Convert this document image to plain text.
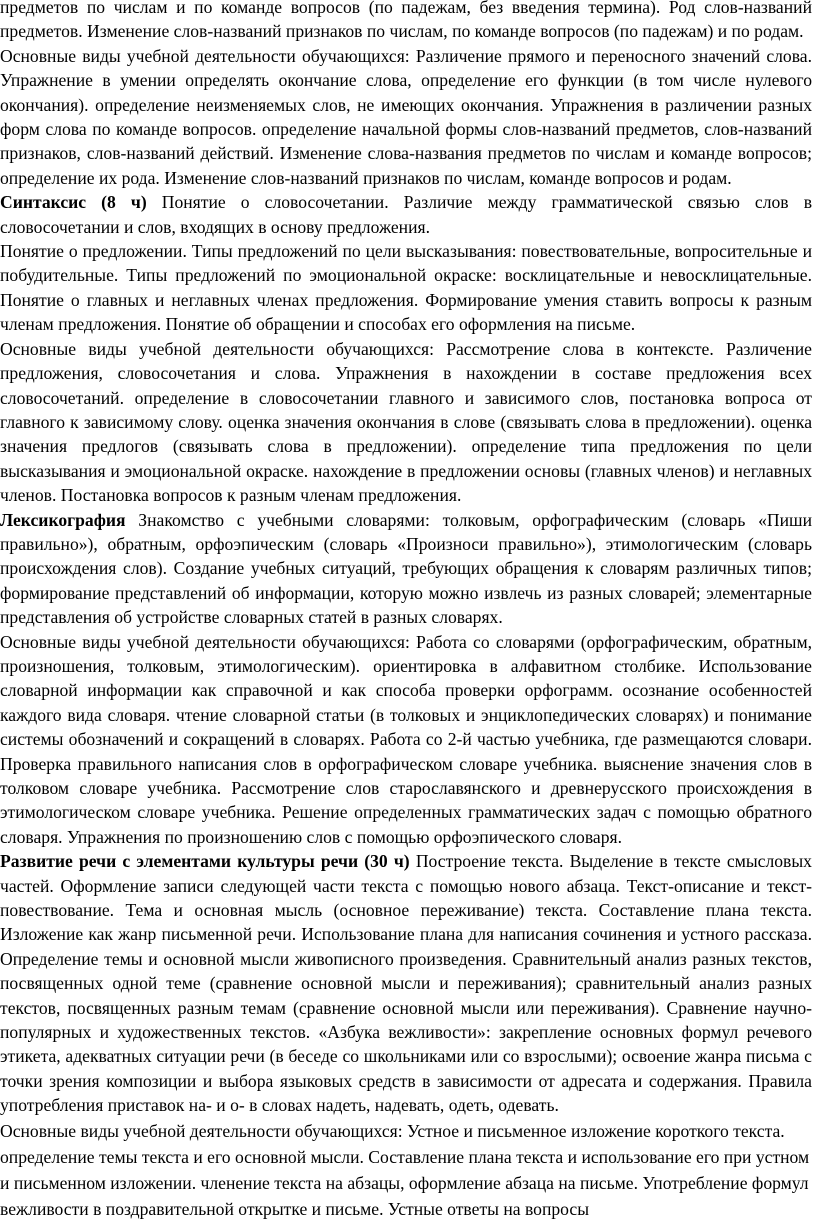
предметов по числам и по команде вопросов (по падежам, без введения термина). Род слов-названий предметов. Изменение слов-названий признаков по числам, по команде вопросов (по падежам) и по родам.

Основные виды учебной деятельности обучающихся: Различение прямого и переносного значений слова. Упражнение в умении определять окончание слова, определение его функции (в том числе нулевого окончания). определение неизменяемых слов, не имеющих окончания. Упражнения в различении разных форм слова по команде вопросов. определение начальной формы слов-названий предметов, слов-названий признаков, слов-названий действий. Изменение слова-названия предметов по числам и команде вопросов; определение их рода. Изменение слов-названий признаков по числам, команде вопросов и родам.

Синтаксис (8 ч) Понятие о словосочетании. Различие между грамматической связью слов в словосочетании и слов, входящих в основу предложения.

Понятие о предложении. Типы предложений по цели высказывания: повествовательные, вопросительные и побудительные. Типы предложений по эмоциональной окраске: восклицательные и невосклицательные. Понятие о главных и неглавных членах предложения. Формирование умения ставить вопросы к разным членам предложения. Понятие об обращении и способах его оформления на письме.

Основные виды учебной деятельности обучающихся: Рассмотрение слова в контексте. Различение предложения, словосочетания и слова. Упражнения в нахождении в составе предложения всех словосочетаний. определение в словосочетании главного и зависимого слов, постановка вопроса от главного к зависимому слову. оценка значения окончания в слове (связывать слова в предложении). оценка значения предлогов (связывать слова в предложении). определение типа предложения по цели высказывания и эмоциональной окраске. нахождение в предложении основы (главных членов) и неглавных членов. Постановка вопросов к разным членам предложения.

Лексикография Знакомство с учебными словарями: толковым, орфографическим (словарь «Пиши правильно»), обратным, орфоэпическим (словарь «Произноси правильно»), этимологическим (словарь происхождения слов). Создание учебных ситуаций, требующих обращения к словарям различных типов; формирование представлений об информации, которую можно извлечь из разных словарей; элементарные представления об устройстве словарных статей в разных словарях.

Основные виды учебной деятельности обучающихся: Работа со словарями (орфографическим, обратным, произношения, толковым, этимологическим). ориентировка в алфавитном столбике. Использование словарной информации как справочной и как способа проверки орфограмм. осознание особенностей каждого вида словаря. чтение словарной статьи (в толковых и энциклопедических словарях) и понимание системы обозначений и сокращений в словарях. Работа со 2-й частью учебника, где размещаются словари. Проверка правильного написания слов в орфографическом словаре учебника. выяснение значения слов в толковом словаре учебника. Рассмотрение слов старославянского и древнерусского происхождения в этимологическом словаре учебника. Решение определенных грамматических задач с помощью обратного словаря. Упражнения по произношению слов с помощью орфоэпического словаря.

Развитие речи с элементами культуры речи (30 ч) Построение текста. Выделение в тексте смысловых частей. Оформление записи следующей части текста с помощью нового абзаца. Текст-описание и текст-повествование. Тема и основная мысль (основное переживание) текста. Составление плана текста. Изложение как жанр письменной речи. Использование плана для написания сочинения и устного рассказа. Определение темы и основной мысли живописного произведения. Сравнительный анализ разных текстов, посвященных одной теме (сравнение основной мысли и переживания); сравнительный анализ разных текстов, посвященных разным темам (сравнение основной мысли или переживания). Сравнение научно-популярных и художественных текстов. «Азбука вежливости»: закрепление основных формул речевого этикета, адекватных ситуации речи (в беседе со школьниками или со взрослыми); освоение жанра письма с точки зрения композиции и выбора языковых средств в зависимости от адресата и содержания. Правила употребления приставок на- и о- в словах надеть, надевать, одеть, одевать.

Основные виды учебной деятельности обучающихся: Устное и письменное изложение короткого текста. определение темы текста и его основной мысли. Составление плана текста и использование его при устном и письменном изложении. членение текста на абзацы, оформление абзаца на письме. Употребление формул вежливости в поздравительной открытке и письме. Устные ответы на вопросы
